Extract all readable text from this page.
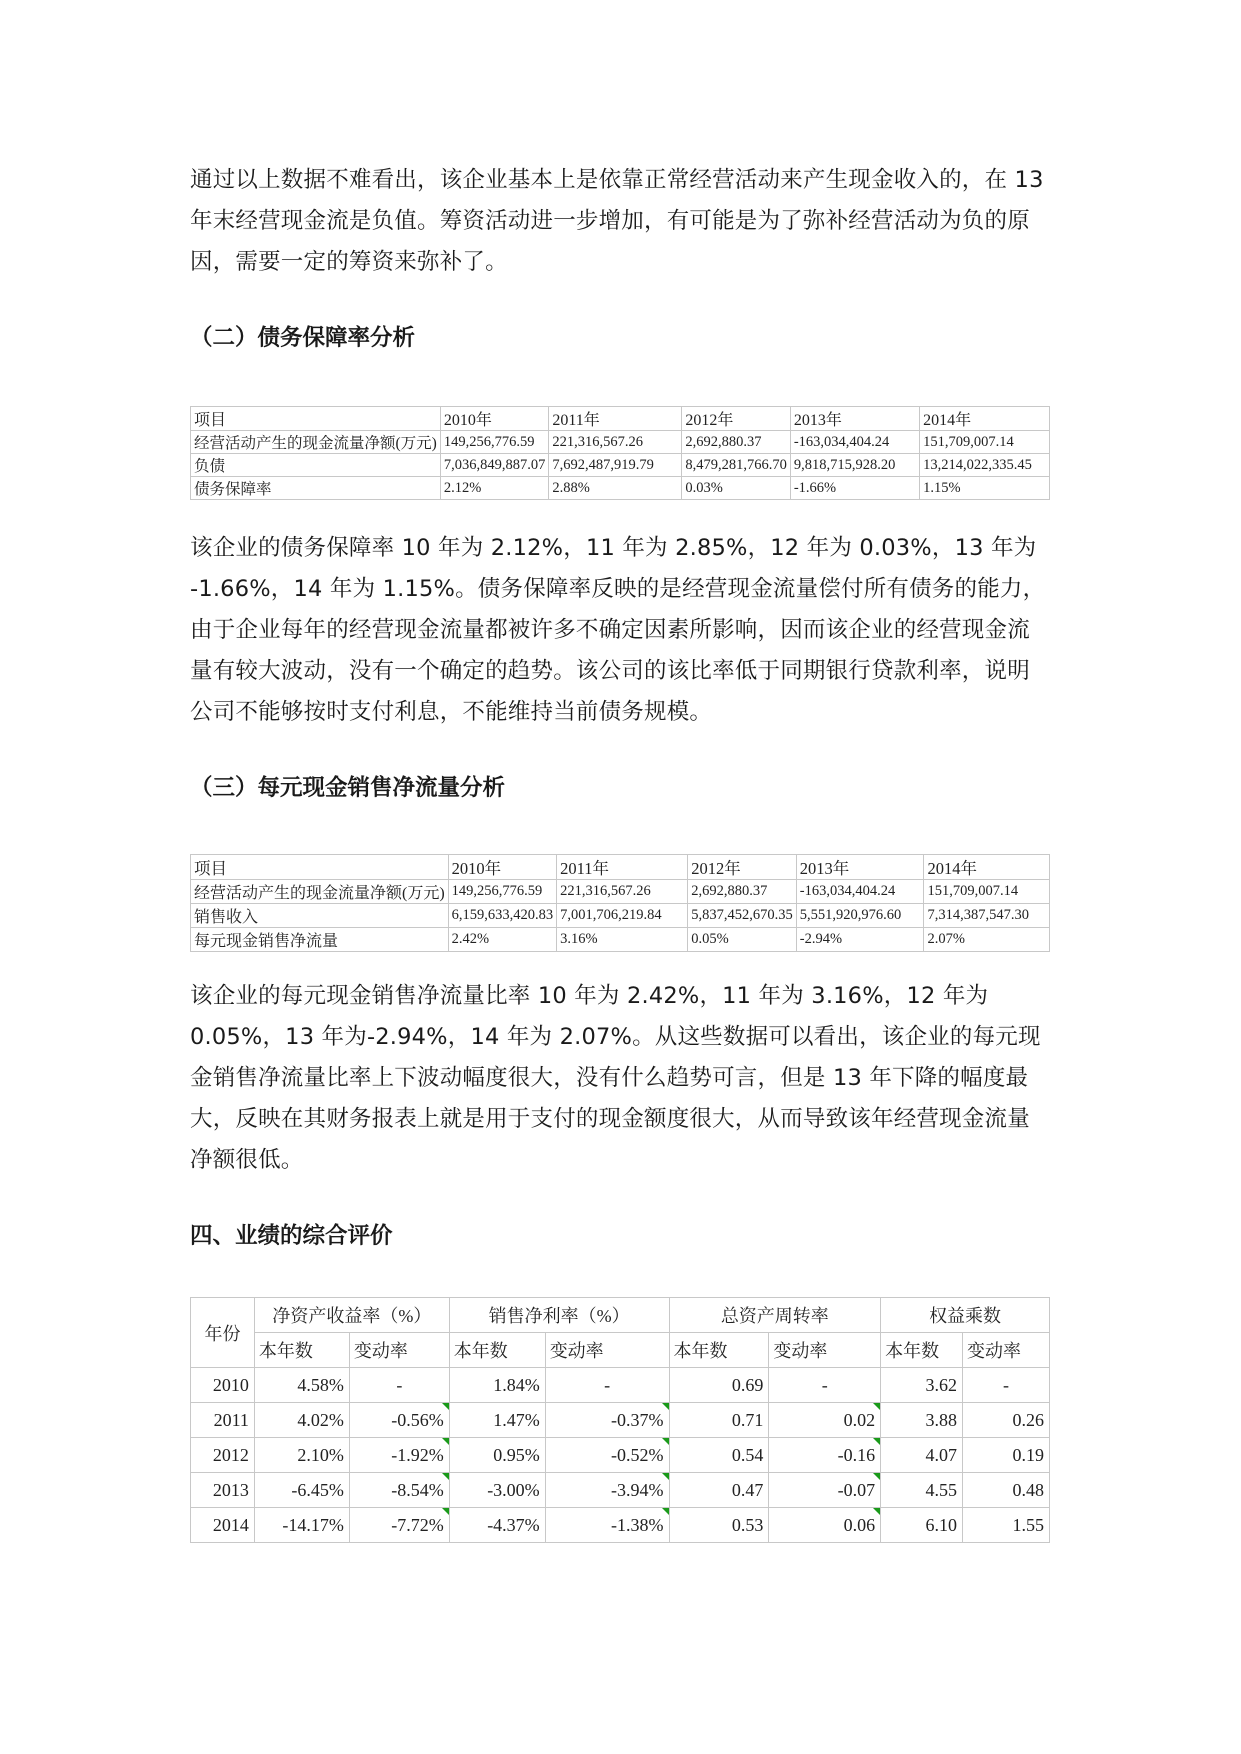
通过以上数据不难看出，该企业基本上是依靠正常经营活动来产生现金收入的，在 13 年末经营现金流是负值。筹资活动进一步增加，有可能是为了弥补经营活动为负的原因，需要一定的筹资来弥补了。

（二）债务保障率分析

项目	2010年	2011年	2012年	2013年	2014年
经营活动产生的现金流量净额(万元)	149,256,776.59	221,316,567.26	2,692,880.37	-163,034,404.24	151,709,007.14
负债	7,036,849,887.07	7,692,487,919.79	8,479,281,766.70	9,818,715,928.20	13,214,022,335.45
债务保障率	2.12%	2.88%	0.03%	-1.66%	1.15%

该企业的债务保障率 10 年为 2.12%，11 年为 2.85%，12 年为 0.03%，13 年为 -1.66%，14 年为 1.15%。债务保障率反映的是经营现金流量偿付所有债务的能力，由于企业每年的经营现金流量都被许多不确定因素所影响，因而该企业的经营现金流量有较大波动，没有一个确定的趋势。该公司的该比率低于同期银行贷款利率，说明公司不能够按时支付利息，不能维持当前债务规模。

（三）每元现金销售净流量分析

项目	2010年	2011年	2012年	2013年	2014年
经营活动产生的现金流量净额(万元)	149,256,776.59	221,316,567.26	2,692,880.37	-163,034,404.24	151,709,007.14
销售收入	6,159,633,420.83	7,001,706,219.84	5,837,452,670.35	5,551,920,976.60	7,314,387,547.30
每元现金销售净流量	2.42%	3.16%	0.05%	-2.94%	2.07%

该企业的每元现金销售净流量比率 10 年为 2.42%，11 年为 3.16%，12 年为 0.05%，13 年为-2.94%，14 年为 2.07%。从这些数据可以看出，该企业的每元现金销售净流量比率上下波动幅度很大，没有什么趋势可言，但是 13 年下降的幅度最大，反映在其财务报表上就是用于支付的现金额度很大，从而导致该年经营现金流量净额很低。

四、业绩的综合评价

年份	净资产收益率（%）		销售净利率（%）		总资产周转率		权益乘数	
	本年数	变动率	本年数	变动率	本年数	变动率	本年数	变动率
2010	4.58%	-	1.84%	-	0.69	-	3.62	-
2011	4.02%	-0.56%	1.47%	-0.37%	0.71	0.02	3.88	0.26
2012	2.10%	-1.92%	0.95%	-0.52%	0.54	-0.16	4.07	0.19
2013	-6.45%	-8.54%	-3.00%	-3.94%	0.47	-0.07	4.55	0.48
2014	-14.17%	-7.72%	-4.37%	-1.38%	0.53	0.06	6.10	1.55
